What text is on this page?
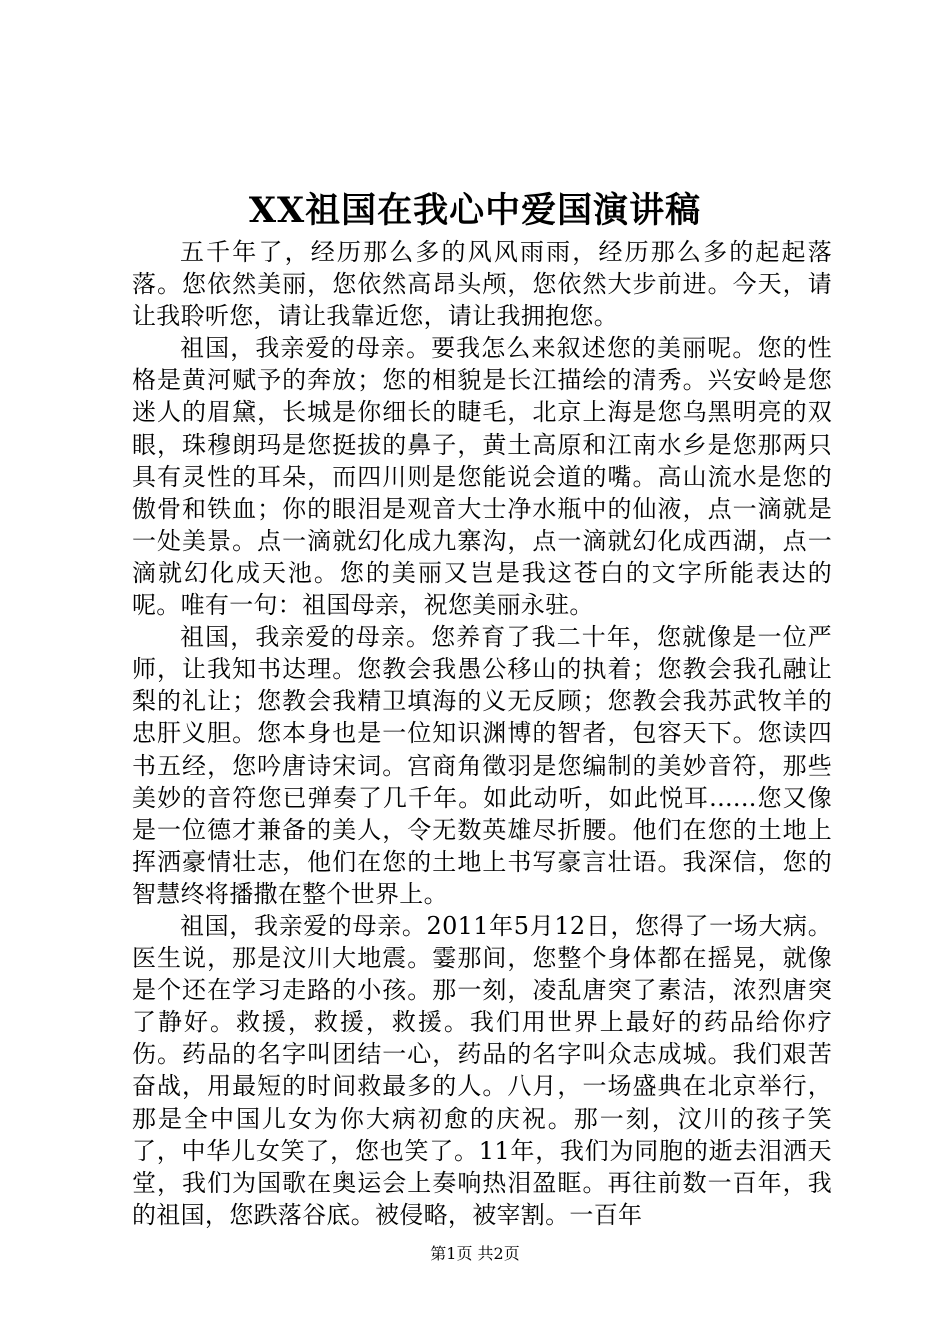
XX祖国在我心中爱国演讲稿

五千年了，经历那么多的风风雨雨，经历那么多的起起落落。您依然美丽，您依然高昂头颅，您依然大步前进。今天，请让我聆听您，请让我靠近您，请让我拥抱您。

祖国，我亲爱的母亲。要我怎么来叙述您的美丽呢。您的性格是黄河赋予的奔放；您的相貌是长江描绘的清秀。兴安岭是您迷人的眉黛，长城是你细长的睫毛，北京上海是您乌黑明亮的双眼，珠穆朗玛是您挺拔的鼻子，黄土高原和江南水乡是您那两只具有灵性的耳朵，而四川则是您能说会道的嘴。高山流水是您的傲骨和铁血；你的眼泪是观音大士净水瓶中的仙液，点一滴就是一处美景。点一滴就幻化成九寨沟，点一滴就幻化成西湖，点一滴就幻化成天池。您的美丽又岂是我这苍白的文字所能表达的呢。唯有一句：祖国母亲，祝您美丽永驻。

祖国，我亲爱的母亲。您养育了我二十年，您就像是一位严师，让我知书达理。您教会我愚公移山的执着；您教会我孔融让梨的礼让；您教会我精卫填海的义无反顾；您教会我苏武牧羊的忠肝义胆。您本身也是一位知识渊博的智者，包容天下。您读四书五经，您吟唐诗宋词。宫商角徵羽是您编制的美妙音符，那些美妙的音符您已弹奏了几千年。如此动听，如此悦耳......您又像是一位德才兼备的美人，令无数英雄尽折腰。他们在您的土地上挥洒豪情壮志，他们在您的土地上书写豪言壮语。我深信，您的智慧终将播撒在整个世界上。

祖国，我亲爱的母亲。2011年5月12日，您得了一场大病。医生说，那是汶川大地震。霎那间，您整个身体都在摇晃，就像是个还在学习走路的小孩。那一刻，凌乱唐突了素洁，浓烈唐突了静好。救援，救援，救援。我们用世界上最好的药品给你疗伤。药品的名字叫团结一心，药品的名字叫众志成城。我们艰苦奋战，用最短的时间救最多的人。八月，一场盛典在北京举行，那是全中国儿女为你大病初愈的庆祝。那一刻，汶川的孩子笑了，中华儿女笑了，您也笑了。11年，我们为同胞的逝去泪洒天堂，我们为国歌在奥运会上奏响热泪盈眶。再往前数一百年，我的祖国，您跌落谷底。被侵略，被宰割。一百年

第1页 共2页
